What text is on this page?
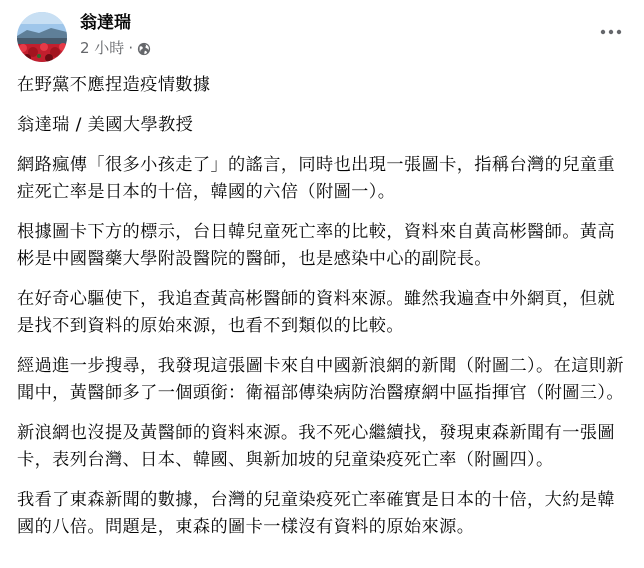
翁達瑞
2 小時 ·

在野黨不應捏造疫情數據

翁達瑞 / 美國大學教授

網路瘋傳「很多小孩走了」的謠言，同時也出現一張圖卡，指稱台灣的兒童重症死亡率是日本的十倍，韓國的六倍（附圖一）。

根據圖卡下方的標示，台日韓兒童死亡率的比較，資料來自黃高彬醫師。黃高彬是中國醫藥大學附設醫院的醫師，也是感染中心的副院長。

在好奇心驅使下，我追查黃高彬醫師的資料來源。雖然我遍查中外網頁，但就是找不到資料的原始來源，也看不到類似的比較。

經過進一步搜尋，我發現這張圖卡來自中國新浪網的新聞（附圖二）。在這則新聞中，黃醫師多了一個頭銜：衛福部傳染病防治醫療網中區指揮官（附圖三）。

新浪網也沒提及黃醫師的資料來源。我不死心繼續找，發現東森新聞有一張圖卡，表列台灣、日本、韓國、與新加坡的兒童染疫死亡率（附圖四）。

我看了東森新聞的數據，台灣的兒童染疫死亡率確實是日本的十倍，大約是韓國的八倍。問題是，東森的圖卡一樣沒有資料的原始來源。
